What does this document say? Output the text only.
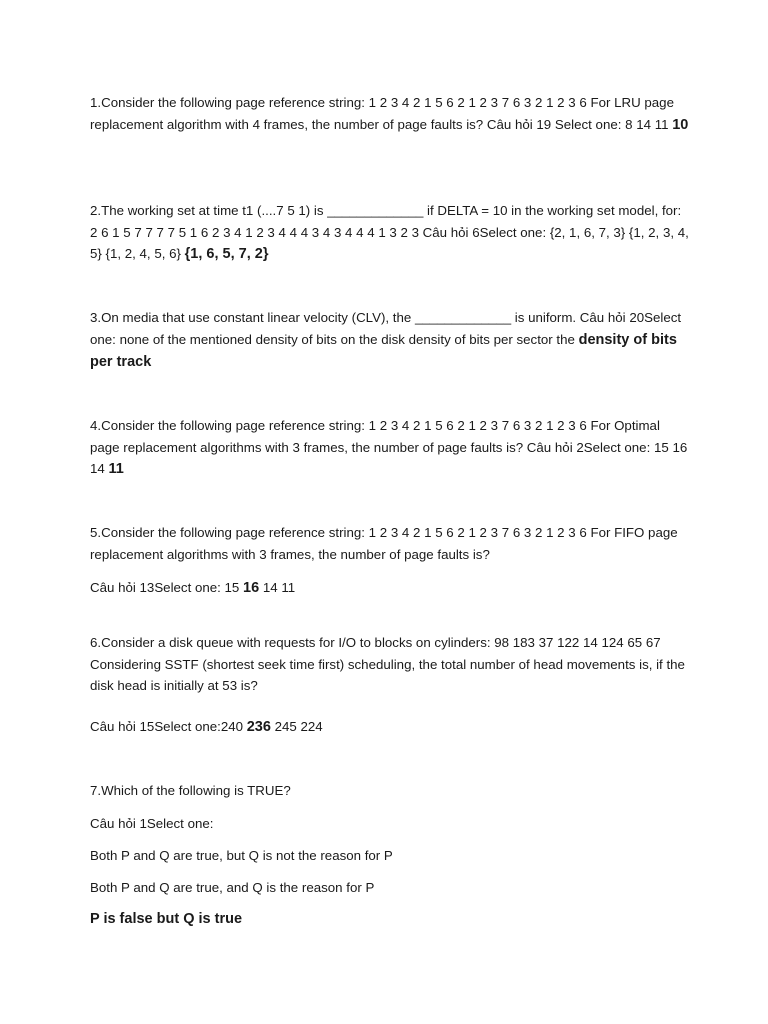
1.Consider the following page reference string: 1 2 3 4 2 1 5 6 2 1 2 3 7 6 3 2 1 2 3 6 For LRU page replacement algorithm with 4 frames, the number of page faults is? Câu hỏi 19 Select one: 8 14 11 10

2.The working set at time t1 (....7 5 1) is _____________ if DELTA = 10 in the working set model, for: 2 6 1 5 7 7 7 7 5 1 6 2 3 4 1 2 3 4 4 4 3 4 3 4 4 4 1 3 2 3 Câu hỏi 6Select one: {2, 1, 6, 7, 3} {1, 2, 3, 4, 5} {1, 2, 4, 5, 6} {1, 6, 5, 7, 2}

3.On media that use constant linear velocity (CLV), the _____________ is uniform. Câu hỏi 20Select one: none of the mentioned density of bits on the disk density of bits per sector the density of bits per track

4.Consider the following page reference string: 1 2 3 4 2 1 5 6 2 1 2 3 7 6 3 2 1 2 3 6 For Optimal page replacement algorithms with 3 frames, the number of page faults is? Câu hỏi 2Select one: 15 16 14 11

5.Consider the following page reference string: 1 2 3 4 2 1 5 6 2 1 2 3 7 6 3 2 1 2 3 6 For FIFO page replacement algorithms with 3 frames, the number of page faults is?

Câu hỏi 13Select one: 15 16 14 11

6.Consider a disk queue with requests for I/O to blocks on cylinders: 98 183 37 122 14 124 65 67 Considering SSTF (shortest seek time first) scheduling, the total number of head movements is, if the disk head is initially at 53 is?

Câu hỏi 15Select one:240 236 245 224

7.Which of the following is TRUE?

Câu hỏi 1Select one:

Both P and Q are true, but Q is not the reason for P

Both P and Q are true, and Q is the reason for P

P is false but Q is true
